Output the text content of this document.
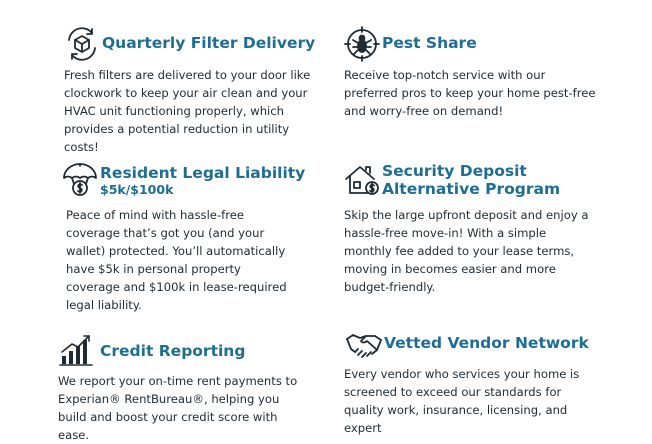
Quarterly Filter Delivery

Fresh filters are delivered to your door like clockwork to keep your air clean and your HVAC unit functioning properly, which provides a potential reduction in utility costs!

Pest Share

Receive top-notch service with our preferred pros to keep your home pest-free and worry-free on demand!

Resident Legal Liability
$5k/$100k

Peace of mind with hassle-free coverage that’s got you (and your wallet) protected. You’ll automatically have $5k in personal property coverage and $100k in lease-required legal liability.

Security Deposit
Alternative Program

Skip the large upfront deposit and enjoy a hassle-free move-in! With a simple monthly fee added to your lease terms, moving in becomes easier and more budget-friendly.

Credit Reporting

We report your on-time rent payments to Experian® RentBureau®, helping you build and boost your credit score with ease.

Vetted Vendor Network

Every vendor who services your home is screened to exceed our standards for quality work, insurance, licensing, and expert
